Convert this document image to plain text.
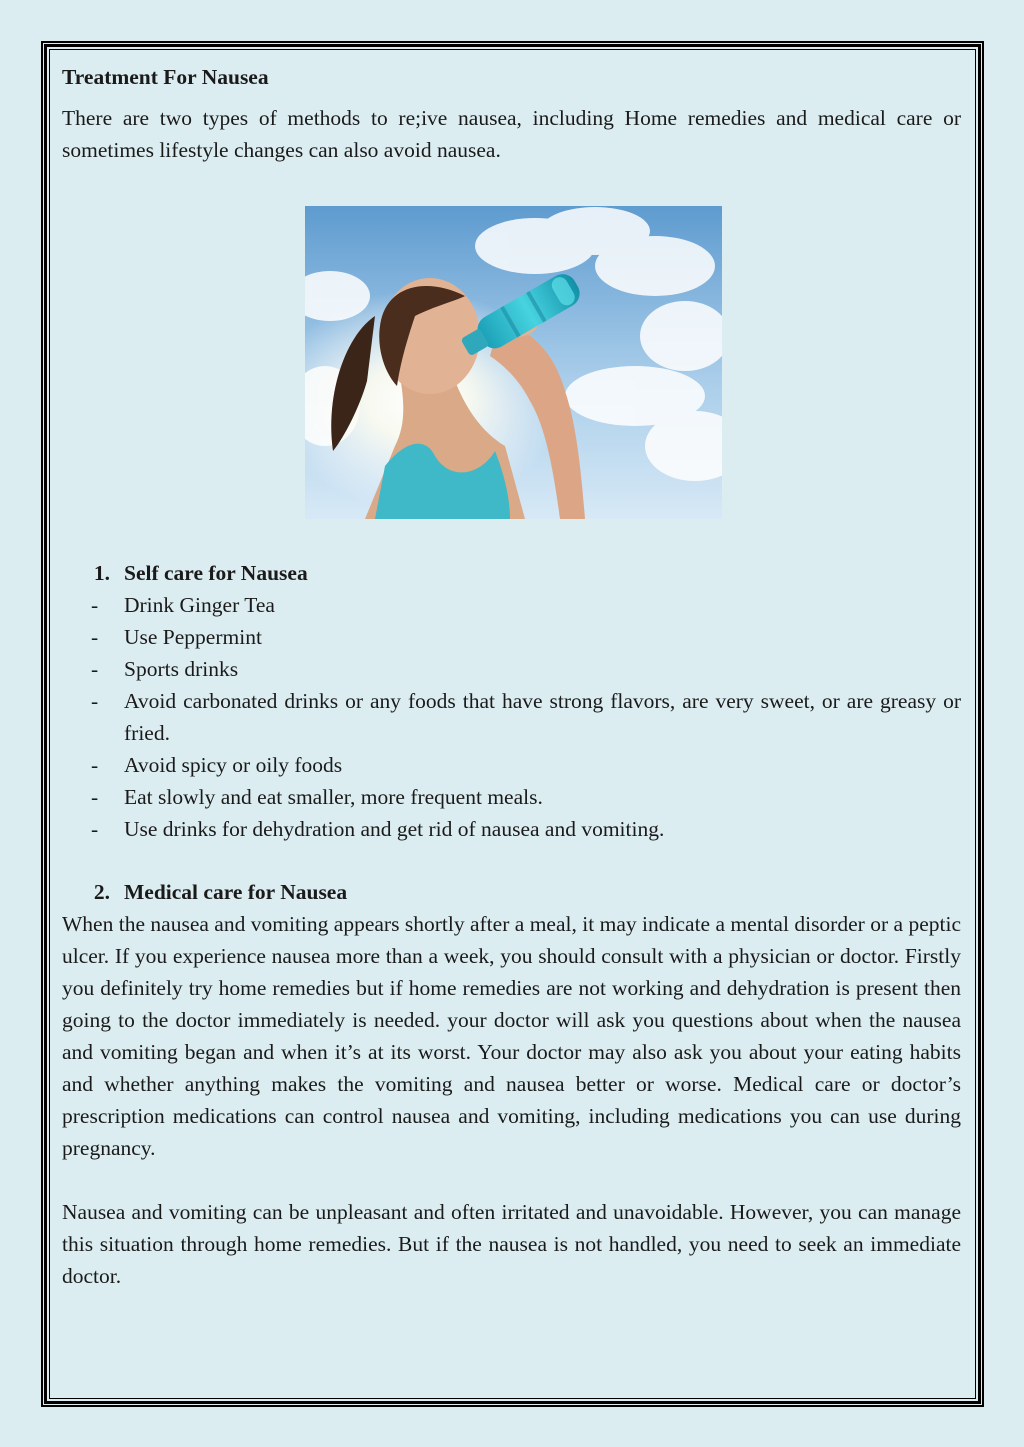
Treatment For Nausea

There are two types of methods to re;ive nausea, including Home remedies and medical care or sometimes lifestyle changes can also avoid nausea.

1. Self care for Nausea
-	Drink Ginger Tea
-	Use Peppermint
-	Sports drinks
-	Avoid carbonated drinks or any foods that have strong flavors, are very sweet, or are greasy or fried.
-	Avoid spicy or oily foods
-	Eat slowly and eat smaller, more frequent meals.
-	Use drinks for dehydration and get rid of nausea and vomiting.
2. Medical care for Nausea

When the nausea and vomiting appears shortly after a meal, it may indicate a mental disorder or a peptic ulcer. If you experience nausea more than a week, you should consult with a physician or doctor. Firstly you definitely try home remedies but if home remedies are not working and dehydration is present then going to the doctor immediately is needed. your doctor will ask you questions about when the nausea and vomiting began and when it’s at its worst. Your doctor may also ask you about your eating habits and whether anything makes the vomiting and nausea better or worse. Medical care or doctor’s prescription medications can control nausea and vomiting, including medications you can use during pregnancy.

Nausea and vomiting can be unpleasant and often irritated and unavoidable. However, you can manage this situation through home remedies. But if the nausea is not handled, you need to seek an immediate doctor.
